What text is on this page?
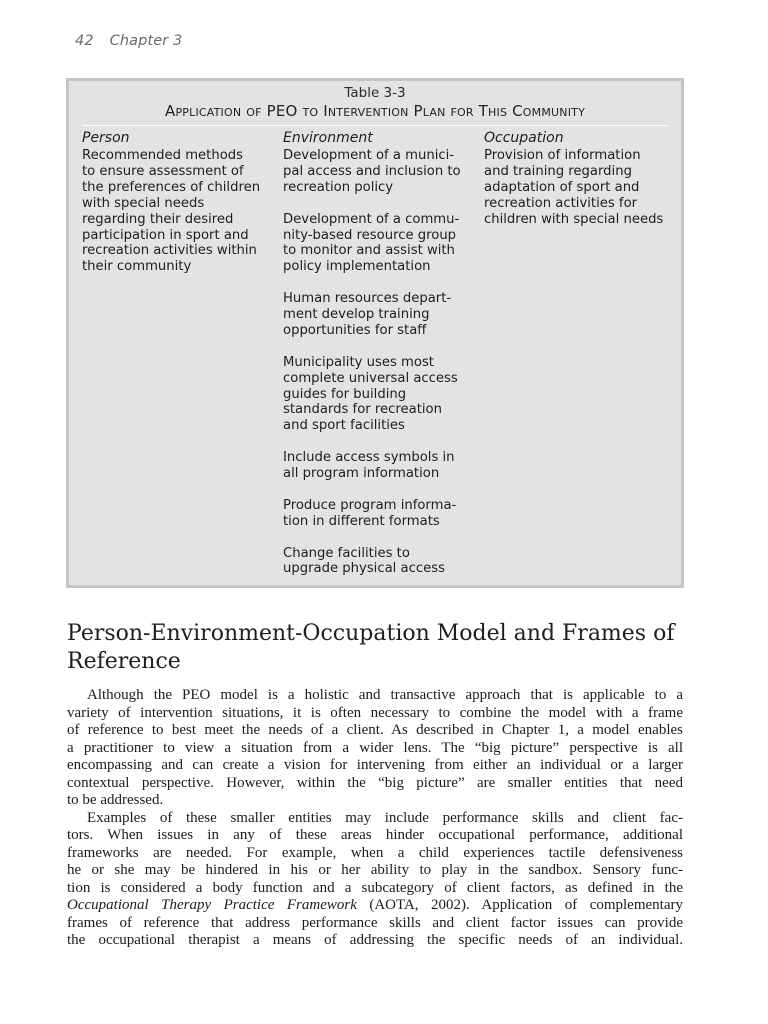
42 Chapter 3
Table 3-3
Application of PEO to Intervention Plan for This Community
Person
Recommended methods
to ensure assessment of
the preferences of children
with special needs
regarding their desired
participation in sport and
recreation activities within
their community
Environment
Development of a munici-
pal access and inclusion to
recreation policy
Development of a commu-
nity-based resource group
to monitor and assist with
policy implementation
Human resources depart-
ment develop training
opportunities for staff
Municipality uses most
complete universal access
guides for building
standards for recreation
and sport facilities
Include access symbols in
all program information
Produce program informa-
tion in different formats
Change facilities to
upgrade physical access
Occupation
Provision of information
and training regarding
adaptation of sport and
recreation activities for
children with special needs
Person-Environment-Occupation Model and Frames of
Reference

Although the PEO model is a holistic and transactive approach that is applicable to a
variety of intervention situations, it is often necessary to combine the model with a frame
of reference to best meet the needs of a client. As described in Chapter 1, a model enables
a practitioner to view a situation from a wider lens. The “big picture” perspective is all
encompassing and can create a vision for intervening from either an individual or a larger
contextual perspective. However, within the “big picture” are smaller entities that need
to be addressed.

Examples of these smaller entities may include performance skills and client fac-
tors. When issues in any of these areas hinder occupational performance, additional
frameworks are needed. For example, when a child experiences tactile defensiveness
he or she may be hindered in his or her ability to play in the sandbox. Sensory func-
tion is considered a body function and a subcategory of client factors, as defined in the
Occupational Therapy Practice Framework (AOTA, 2002). Application of complementary
frames of reference that address performance skills and client factor issues can provide
the occupational therapist a means of addressing the specific needs of an individual.
